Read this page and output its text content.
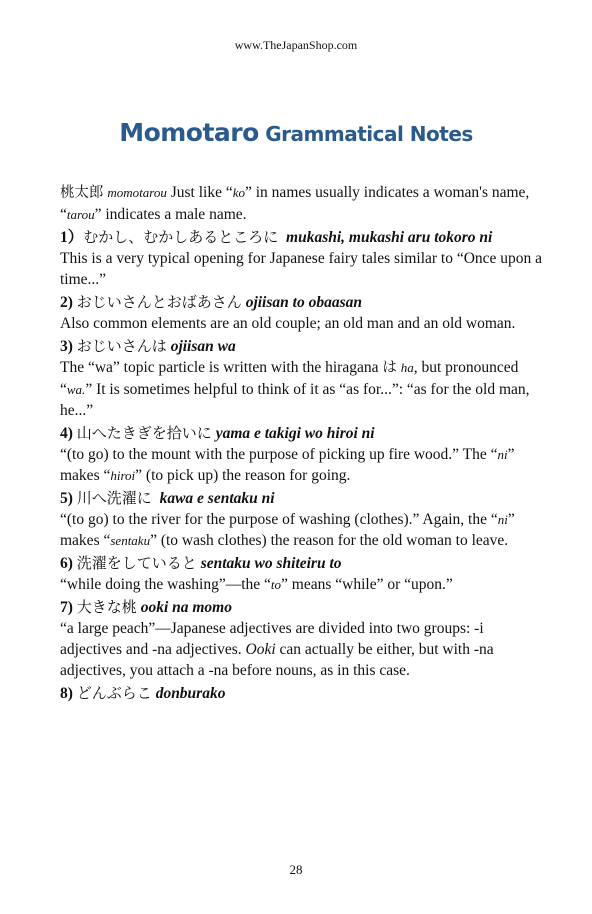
www.TheJapanShop.com
Momotaro Grammatical Notes

桃太郎 momotarou Just like “ko” in names usually indicates a woman's name, “tarou” indicates a male name.

1）むかし、むかしあるところに mukashi, mukashi aru tokoro ni

This is a very typical opening for Japanese fairy tales similar to “Once upon a time...”

2) おじいさんとおばあさん ojiisan to obaasan

Also common elements are an old couple; an old man and an old woman.

3) おじいさんは ojiisan wa

The “wa” topic particle is written with the hiragana は ha, but pronounced “wa.” It is sometimes helpful to think of it as “as for...”: “as for the old man, he...”

4) 山へたきぎを拾いに yama e takigi wo hiroi ni

“(to go) to the mount with the purpose of picking up fire wood.” The “ni” makes “hiroi” (to pick up) the reason for going.

5) 川へ洗濯に kawa e sentaku ni

“(to go) to the river for the purpose of washing (clothes).” Again, the “ni” makes “sentaku” (to wash clothes) the reason for the old woman to leave.

6) 洗濯をしていると sentaku wo shiteiru to

“while doing the washing”—the “to” means “while” or “upon.”

7) 大きな桃 ooki na momo

“a large peach”—Japanese adjectives are divided into two groups: -i adjectives and -na adjectives. Ooki can actually be either, but with -na adjectives, you attach a -na before nouns, as in this case.

8) どんぶらこ donburako

28
